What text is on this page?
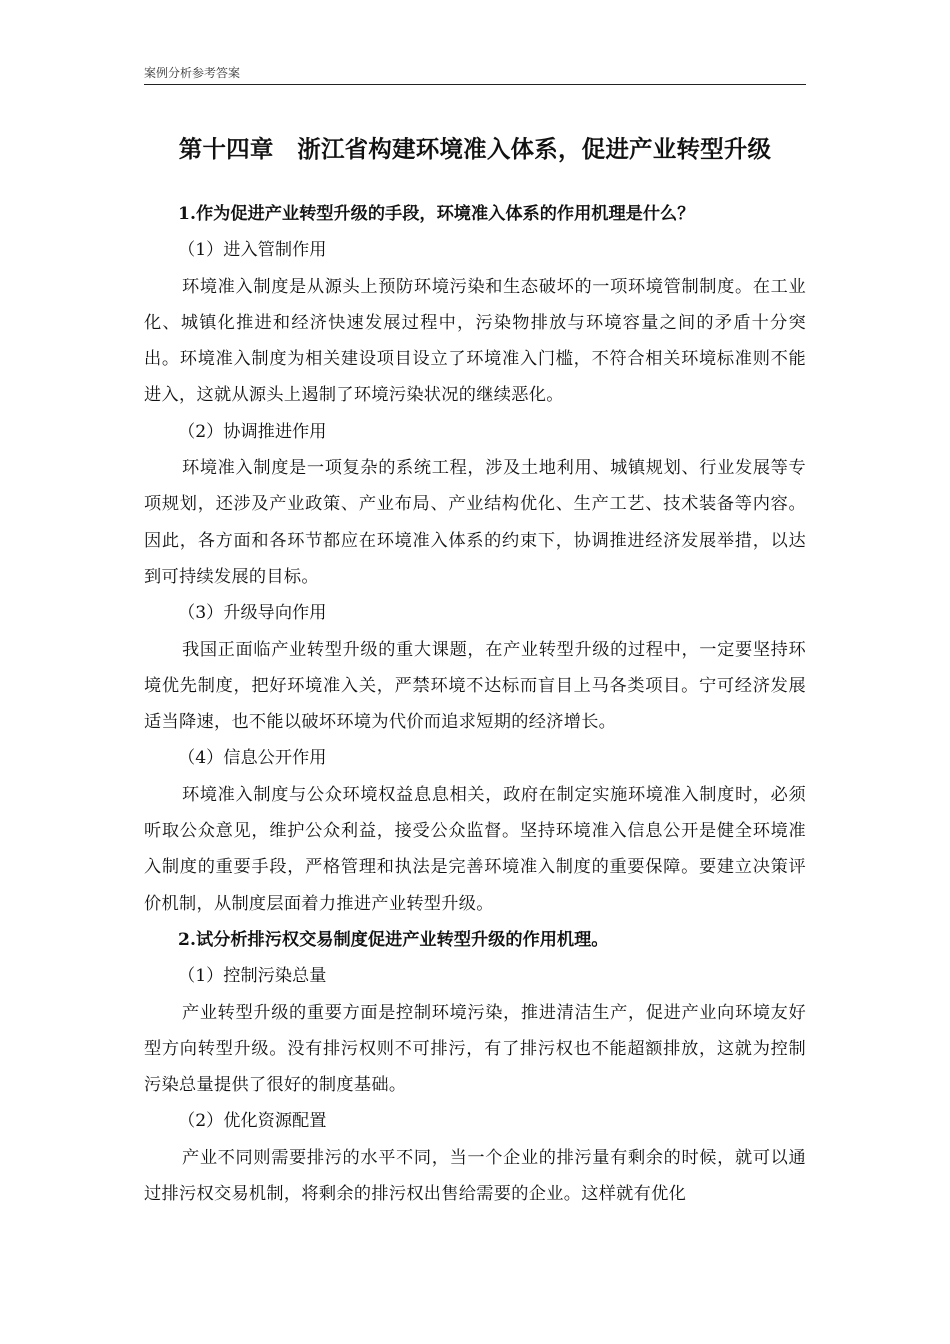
案例分析参考答案
第十四章　浙江省构建环境准入体系，促进产业转型升级

1.作为促进产业转型升级的手段，环境准入体系的作用机理是什么？

（1）进入管制作用

环境准入制度是从源头上预防环境污染和生态破坏的一项环境管制制度。在工业化、城镇化推进和经济快速发展过程中，污染物排放与环境容量之间的矛盾十分突出。环境准入制度为相关建设项目设立了环境准入门槛，不符合相关环境标准则不能进入，这就从源头上遏制了环境污染状况的继续恶化。

（2）协调推进作用

环境准入制度是一项复杂的系统工程，涉及土地利用、城镇规划、行业发展等专项规划，还涉及产业政策、产业布局、产业结构优化、生产工艺、技术装备等内容。因此，各方面和各环节都应在环境准入体系的约束下，协调推进经济发展举措，以达到可持续发展的目标。

（3）升级导向作用

我国正面临产业转型升级的重大课题，在产业转型升级的过程中，一定要坚持环境优先制度，把好环境准入关，严禁环境不达标而盲目上马各类项目。宁可经济发展适当降速，也不能以破坏环境为代价而追求短期的经济增长。

（4）信息公开作用

环境准入制度与公众环境权益息息相关，政府在制定实施环境准入制度时，必须听取公众意见，维护公众利益，接受公众监督。坚持环境准入信息公开是健全环境准入制度的重要手段，严格管理和执法是完善环境准入制度的重要保障。要建立决策评价机制，从制度层面着力推进产业转型升级。

2.试分析排污权交易制度促进产业转型升级的作用机理。

（1）控制污染总量

产业转型升级的重要方面是控制环境污染，推进清洁生产，促进产业向环境友好型方向转型升级。没有排污权则不可排污，有了排污权也不能超额排放，这就为控制污染总量提供了很好的制度基础。

（2）优化资源配置

产业不同则需要排污的水平不同，当一个企业的排污量有剩余的时候，就可以通过排污权交易机制，将剩余的排污权出售给需要的企业。这样就有优化
